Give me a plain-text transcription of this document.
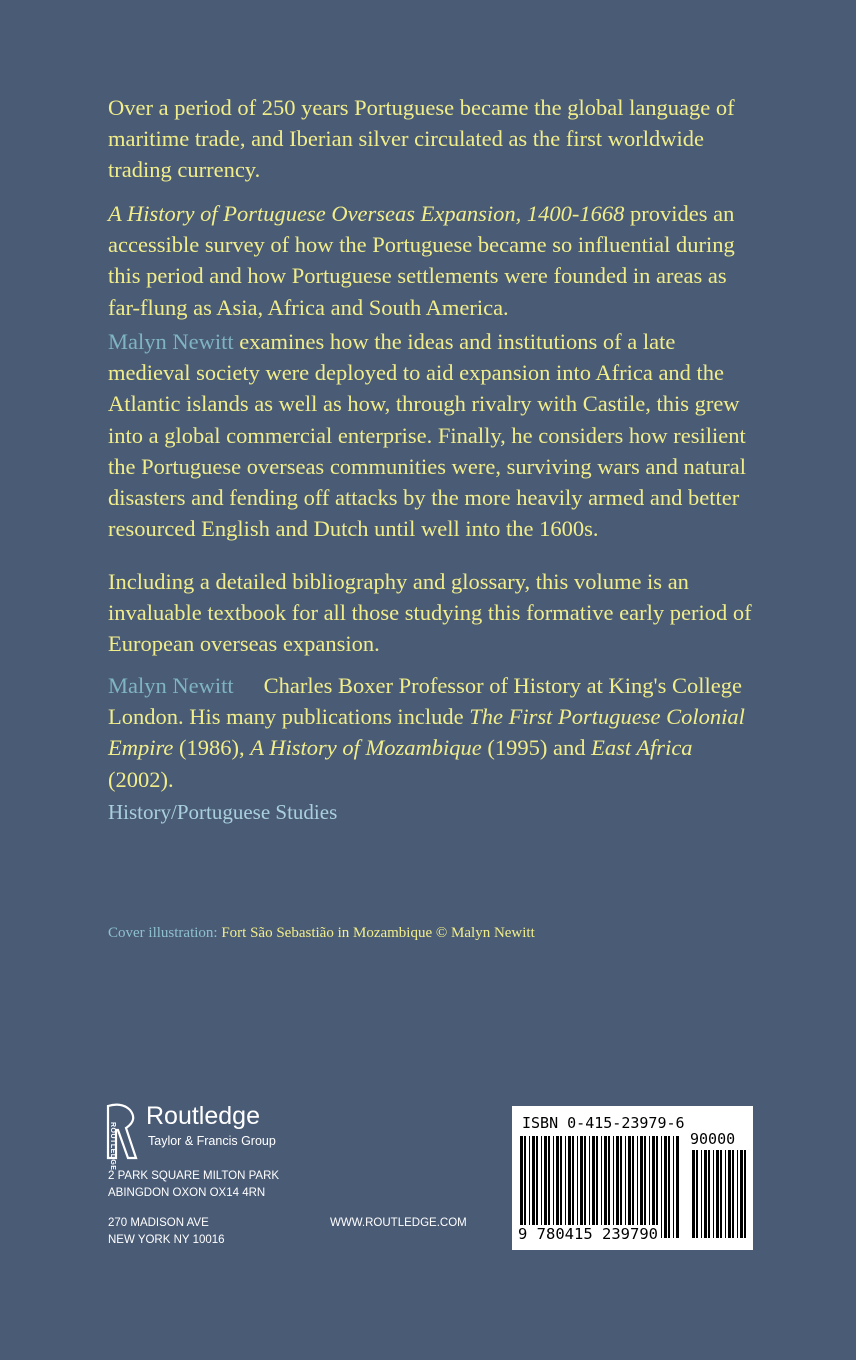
Over a period of 250 years Portuguese became the global language of maritime trade, and Iberian silver circulated as the first worldwide trading currency.

A History of Portuguese Overseas Expansion, 1400-1668 provides an accessible survey of how the Portuguese became so influential during this period and how Portuguese settlements were founded in areas as far-flung as Asia, Africa and South America.

Malyn Newitt examines how the ideas and institutions of a late medieval society were deployed to aid expansion into Africa and the Atlantic islands as well as how, through rivalry with Castile, this grew into a global commercial enterprise. Finally, he considers how resilient the Portuguese overseas communities were, surviving wars and natural disasters and fending off attacks by the more heavily armed and better resourced English and Dutch until well into the 1600s.

Including a detailed bibliography and glossary, this volume is an invaluable textbook for all those studying this formative early period of European overseas expansion.

Malyn Newitt Charles Boxer Professor of History at King's College London. His many publications include The First Portuguese Colonial Empire (1986), A History of Mozambique (1995) and East Africa (2002).

History/Portuguese Studies
Cover illustration: Fort São Sebastião in Mozambique © Malyn Newitt
ROUTLEDGE
Routledge
Taylor & Francis Group
2 PARK SQUARE MILTON PARK
ABINGDON OXON OX14 4RN
270 MADISON AVE
NEW YORK NY 10016
WWW.ROUTLEDGE.COM
ISBN 0-415-23979-6
90000
9 780415 239790
